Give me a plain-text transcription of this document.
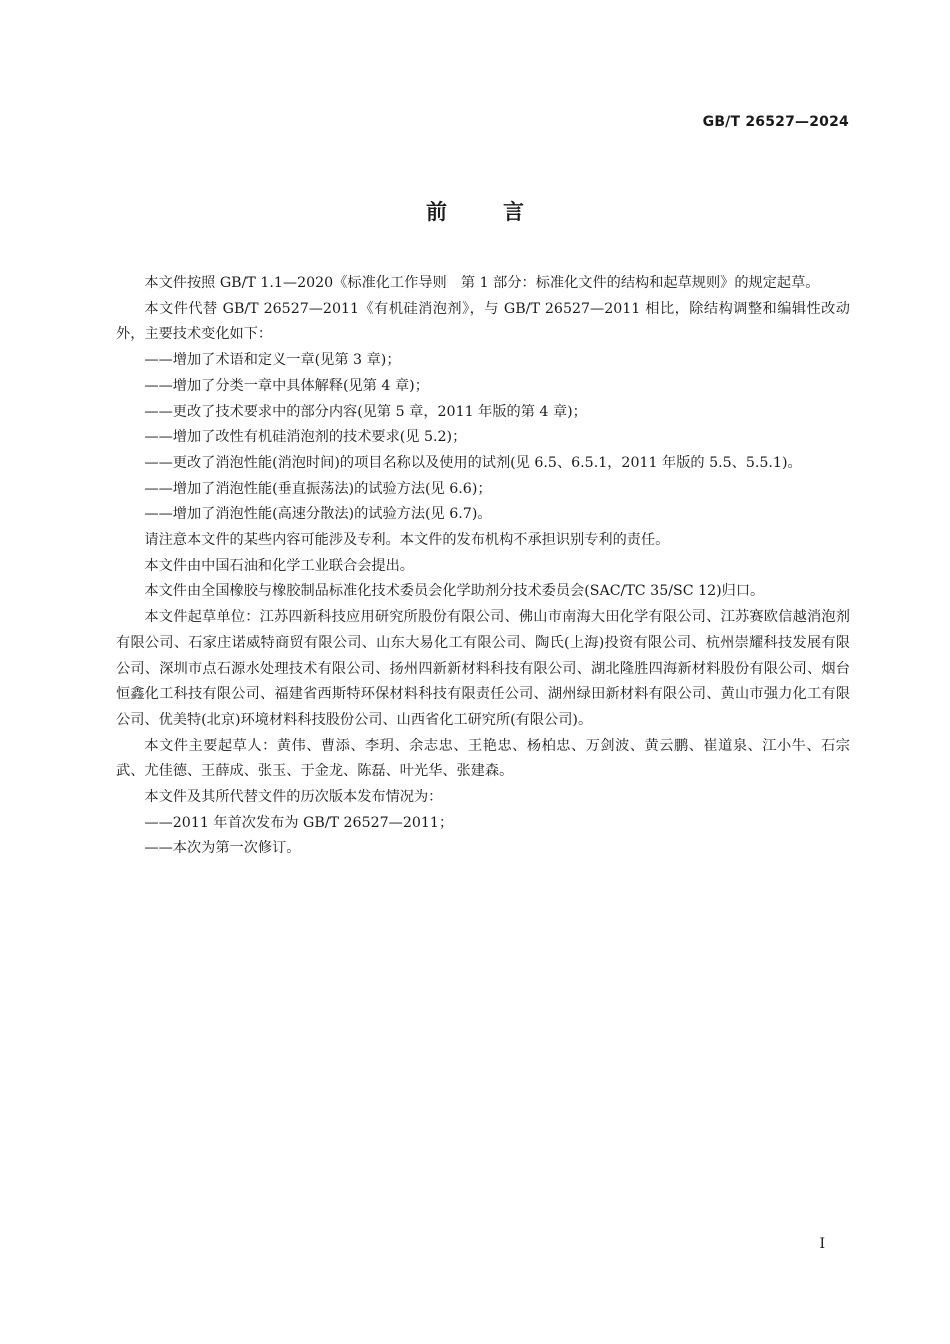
GB/T 26527—2024
前言

本文件按照 GB/T 1.1—2020《标准化工作导则　第 1 部分：标准化文件的结构和起草规则》的规定起草。

本文件代替 GB/T 26527—2011《有机硅消泡剂》，与 GB/T 26527—2011 相比，除结构调整和编辑性改动外，主要技术变化如下：

——增加了术语和定义一章(见第 3 章)；

——增加了分类一章中具体解释(见第 4 章)；

——更改了技术要求中的部分内容(见第 5 章，2011 年版的第 4 章)；

——增加了改性有机硅消泡剂的技术要求(见 5.2)；

——更改了消泡性能(消泡时间)的项目名称以及使用的试剂(见 6.5、6.5.1，2011 年版的 5.5、5.5.1)。

——增加了消泡性能(垂直振荡法)的试验方法(见 6.6)；

——增加了消泡性能(高速分散法)的试验方法(见 6.7)。

请注意本文件的某些内容可能涉及专利。本文件的发布机构不承担识别专利的责任。

本文件由中国石油和化学工业联合会提出。

本文件由全国橡胶与橡胶制品标准化技术委员会化学助剂分技术委员会(SAC/TC 35/SC 12)归口。

本文件起草单位：江苏四新科技应用研究所股份有限公司、佛山市南海大田化学有限公司、江苏赛欧信越消泡剂有限公司、石家庄诺威特商贸有限公司、山东大易化工有限公司、陶氏(上海)投资有限公司、杭州崇耀科技发展有限公司、深圳市点石源水处理技术有限公司、扬州四新新材料科技有限公司、湖北隆胜四海新材料股份有限公司、烟台恒鑫化工科技有限公司、福建省西斯特环保材料科技有限责任公司、湖州绿田新材料有限公司、黄山市强力化工有限公司、优美特(北京)环境材料科技股份公司、山西省化工研究所(有限公司)。

本文件主要起草人：黄伟、曹添、李玥、余志忠、王艳忠、杨柏忠、万剑波、黄云鹏、崔道泉、江小牛、石宗武、尤佳德、王薛成、张玉、于金龙、陈磊、叶光华、张建森。

本文件及其所代替文件的历次版本发布情况为：

——2011 年首次发布为 GB/T 26527—2011；

——本次为第一次修订。

I
